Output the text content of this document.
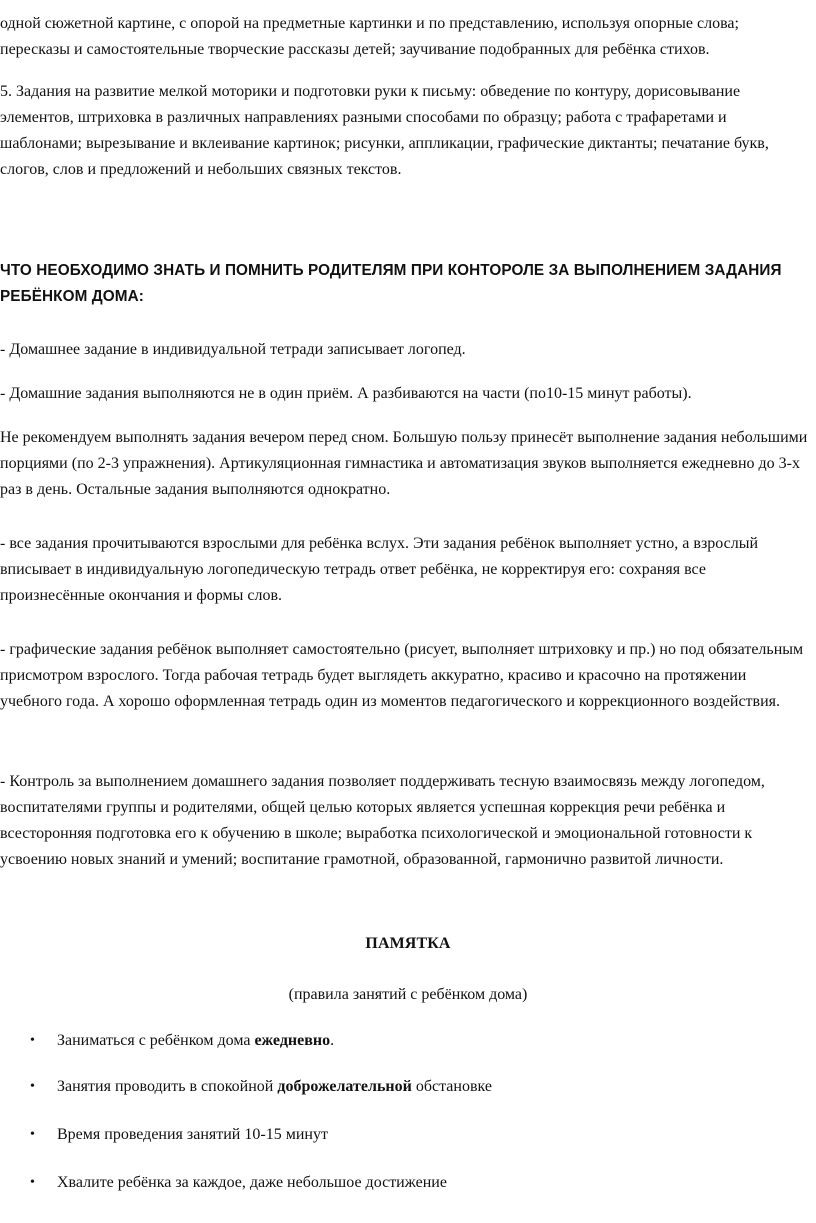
одной сюжетной картине, с опорой на предметные картинки и по представлению, используя опорные слова; пересказы и самостоятельные творческие рассказы детей; заучивание подобранных для ребёнка стихов.

5. Задания на развитие мелкой моторики и подготовки руки к письму: обведение по контуру, дорисовывание элементов, штриховка в различных направлениях разными способами по образцу; работа с трафаретами и шаблонами; вырезывание и вклеивание картинок; рисунки, аппликации, графические диктанты; печатание букв, слогов, слов и предложений и небольших связных текстов.

ЧТО НЕОБХОДИМО ЗНАТЬ И ПОМНИТЬ РОДИТЕЛЯМ ПРИ КОНТОРОЛЕ ЗА ВЫПОЛНЕНИЕМ ЗАДАНИЯ РЕБЁНКОМ ДОМА:

- Домашнее задание в индивидуальной тетради записывает логопед.

- Домашние задания выполняются не в один приём. А разбиваются на части (по10-15 минут работы).

Не рекомендуем выполнять задания вечером перед сном. Большую пользу принесёт выполнение задания небольшими порциями (по 2-3 упражнения). Артикуляционная гимнастика и автоматизация звуков выполняется ежедневно до 3-х раз в день. Остальные задания выполняются однократно.

- все задания прочитываются взрослыми для ребёнка вслух. Эти задания ребёнок выполняет устно, а взрослый вписывает в индивидуальную логопедическую тетрадь ответ ребёнка, не корректируя его: сохраняя все произнесённые окончания и формы слов.

- графические задания ребёнок выполняет самостоятельно (рисует, выполняет штриховку и пр.) но под обязательным присмотром взрослого. Тогда рабочая тетрадь будет выглядеть аккуратно, красиво и красочно на протяжении учебного года. А хорошо оформленная тетрадь один из моментов педагогического и коррекционного воздействия.

- Контроль за выполнением домашнего задания позволяет поддерживать тесную взаимосвязь между логопедом, воспитателями группы и родителями, общей целью которых является успешная коррекция речи ребёнка и всесторонняя подготовка его к обучению в школе; выработка психологической и эмоциональной готовности к усвоению новых знаний и умений; воспитание грамотной, образованной, гармонично развитой личности.

ПАМЯТКА

(правила занятий с ребёнком дома)

• Заниматься с ребёнком дома ежедневно.
• Занятия проводить в спокойной доброжелательной обстановке
• Время проведения занятий 10-15 минут
• Хвалите ребёнка за каждое, даже небольшое достижение
